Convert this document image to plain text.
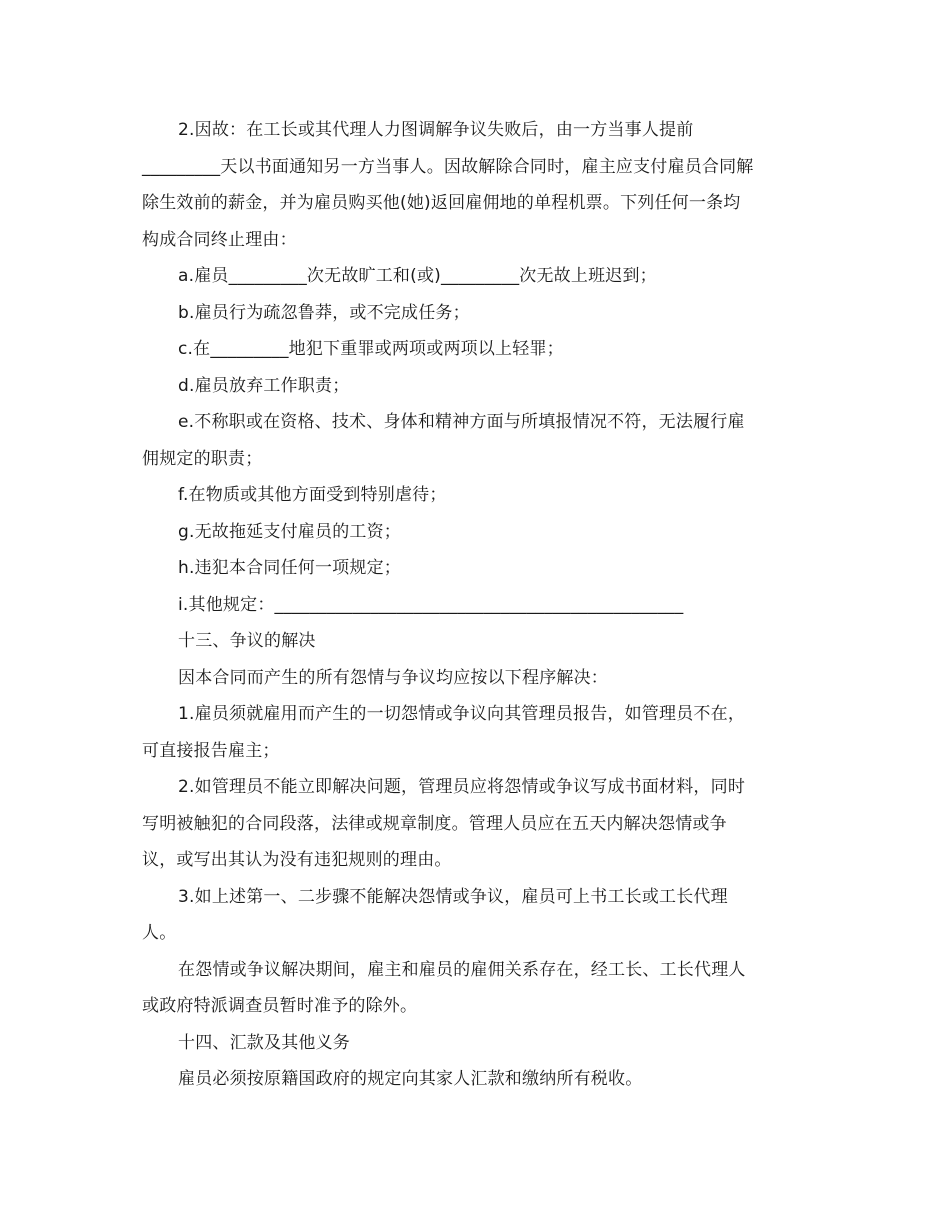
2.因故：在工长或其代理人力图调解争议失败后，由一方当事人提前
_________天以书面通知另一方当事人。因故解除合同时，雇主应支付雇员合同解
除生效前的薪金，并为雇员购买他(她)返回雇佣地的单程机票。下列任何一条均
构成合同终止理由：
a.雇员_________次无故旷工和(或)_________次无故上班迟到；
b.雇员行为疏忽鲁莽，或不完成任务；
c.在_________地犯下重罪或两项或两项以上轻罪；
d.雇员放弃工作职责；
e.不称职或在资格、技术、身体和精神方面与所填报情况不符，无法履行雇
佣规定的职责；
f.在物质或其他方面受到特别虐待；
g.无故拖延支付雇员的工资；
h.违犯本合同任何一项规定；
i.其他规定：_______________________________________________
十三、争议的解决
因本合同而产生的所有怨情与争议均应按以下程序解决：
1.雇员须就雇用而产生的一切怨情或争议向其管理员报告，如管理员不在，
可直接报告雇主；
2.如管理员不能立即解决问题，管理员应将怨情或争议写成书面材料，同时
写明被触犯的合同段落，法律或规章制度。管理人员应在五天内解决怨情或争
议，或写出其认为没有违犯规则的理由。
3.如上述第一、二步骤不能解决怨情或争议，雇员可上书工长或工长代理
人。
在怨情或争议解决期间，雇主和雇员的雇佣关系存在，经工长、工长代理人
或政府特派调查员暂时准予的除外。
十四、汇款及其他义务
雇员必须按原籍国政府的规定向其家人汇款和缴纳所有税收。
